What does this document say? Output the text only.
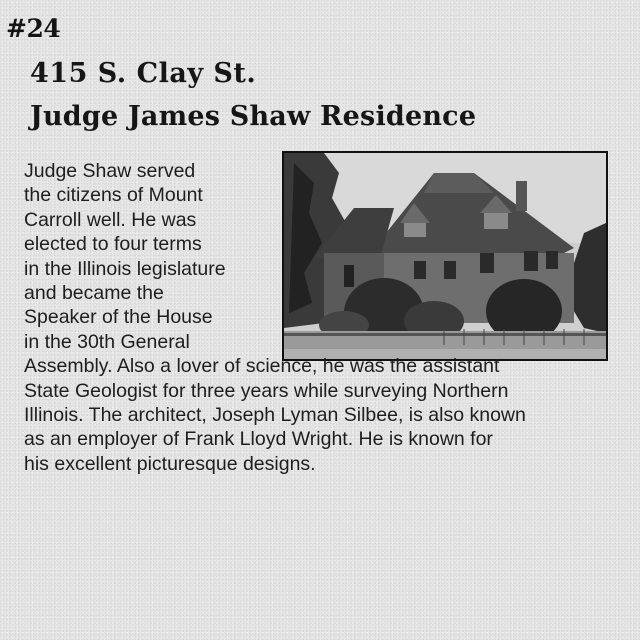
#24
415 S. Clay St.
Judge James Shaw Residence
Judge Shaw served
the citizens of Mount
Carroll well. He was
elected to four terms
in the Illinois legislature
and became the
Speaker of the House
in the 30th General
Assembly. Also a lover of science, he was the assistant
State Geologist for three years while surveying Northern
Illinois. The architect, Joseph Lyman Silbee, is also known
as an employer of Frank Lloyd Wright. He is known for
his excellent picturesque designs.
